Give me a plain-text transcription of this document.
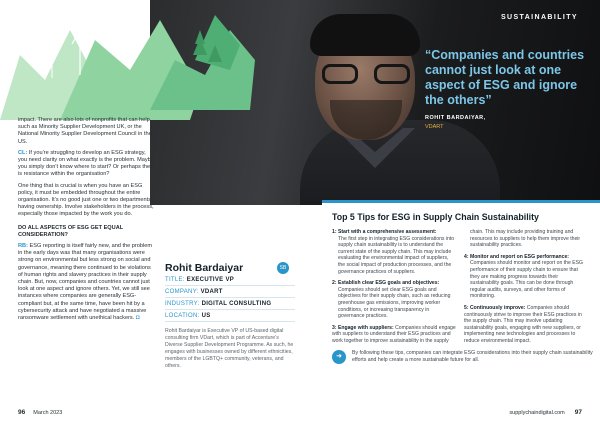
SUSTAINABILITY
“Companies and countries cannot just look at one aspect of ESG and ignore the others”
ROHIT BARDAIYAR,
VDART

impact. There are also lots of nonprofits that can help, such as Minority Supplier Development UK, or the National Minority Supplier Development Council in the US.

CL: If you’re struggling to develop an ESG strategy, you need clarity on what exactly is the problem. Maybe you simply don’t know where to start? Or perhaps there is resistance within the organisation?

One thing that is crucial is when you have an ESG policy, it must be embedded throughout the entire organisation. It’s no good just one or two departments having ownership. Involve stakeholders in the process, especially those impacted by the work you do.

DO ALL ASPECTS OF ESG GET EQUAL CONSIDERATION?

RB: ESG reporting is itself fairly new, and the problem in the early days was that many organisations were strong on environmental but less strong on social and governance, meaning there continued to be violations of human rights and slavery practices in their supply chain. But, now, companies and countries cannot just look at one aspect and ignore others. Yet, we still see instances where companies are generally ESG-compliant but, at the same time, have been hit by a cybersecurity attack and have negotiated a massive ransomware settlement with unethical hackers. ◘

Rohit Bardaiyar	SB
TITLE: EXECUTIVE VP
COMPANY: VDART
INDUSTRY: DIGITAL CONSULTING
LOCATION: US
Rohit Bardaiyar is Executive VP of US-based digital consulting firm VDart, which is part of Accenture’s Diverse Supplier Development Programme. As such, he engages with businesses owned by different ethnicities, members of the LGBTQ+ community, veterans, and others.
Top 5 Tips for ESG in Supply Chain Sustainability
1: Start with a comprehensive assessment:
The first step in integrating ESG considerations into supply chain sustainability is to understand the current state of the supply chain. This may include evaluating the environmental impact of suppliers, the social impact of production processes, and the governance practices of suppliers.
2: Establish clear ESG goals and objectives:
Companies should set clear ESG goals and objectives for their supply chain, such as reducing greenhouse gas emissions, improving worker conditions, or increasing transparency in governance practices.
3: Engage with suppliers: Companies should engage with suppliers to understand their ESG practices and work together to improve sustainability in the supply
chain. This may include providing training and resources to suppliers to help them improve their sustainability practices.
4: Monitor and report on ESG performance:
Companies should monitor and report on the ESG performance of their supply chain to ensure that they are making progress towards their sustainability goals. This can be done through regular audits, surveys, and other forms of monitoring.
5: Continuously improve: Companies should continuously strive to improve their ESG practices in the supply chain. This may involve updating sustainability goals, engaging with new suppliers, or implementing new technologies and processes to reduce environmental impact.
➜	By following these tips, companies can integrate ESG considerations into their supply chain sustainability efforts and help create a more sustainable future for all.
96 March 2023	supplychaindigital.com 97
